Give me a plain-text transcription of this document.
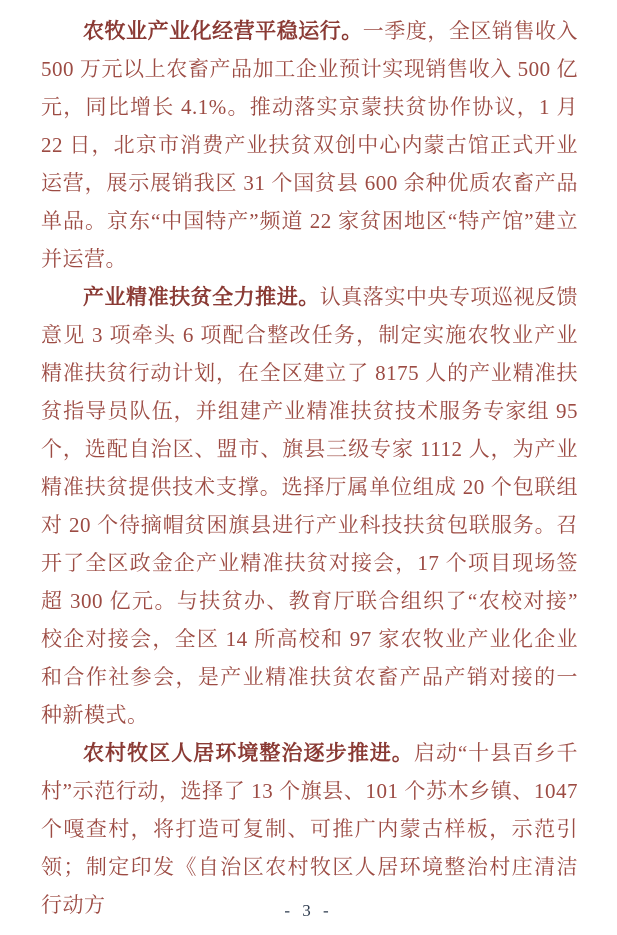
农牧业产业化经营平稳运行。一季度，全区销售收入 500 万元以上农畜产品加工企业预计实现销售收入 500 亿元，同比增长 4.1%。推动落实京蒙扶贫协作协议，1 月 22 日，北京市消费产业扶贫双创中心内蒙古馆正式开业运营，展示展销我区 31 个国贫县 600 余种优质农畜产品单品。京东“中国特产”频道 22 家贫困地区“特产馆”建立并运营。

产业精准扶贫全力推进。认真落实中央专项巡视反馈意见 3 项牵头 6 项配合整改任务，制定实施农牧业产业精准扶贫行动计划，在全区建立了 8175 人的产业精准扶贫指导员队伍，并组建产业精准扶贫技术服务专家组 95 个，选配自治区、盟市、旗县三级专家 1112 人，为产业精准扶贫提供技术支撑。选择厅属单位组成 20 个包联组对 20 个待摘帽贫困旗县进行产业科技扶贫包联服务。召开了全区政金企产业精准扶贫对接会，17 个项目现场签超 300 亿元。与扶贫办、教育厅联合组织了“农校对接”校企对接会，全区 14 所高校和 97 家农牧业产业化企业和合作社参会，是产业精准扶贫农畜产品产销对接的一种新模式。

农村牧区人居环境整治逐步推进。启动“十县百乡千村”示范行动，选择了 13 个旗县、101 个苏木乡镇、1047 个嘎查村，将打造可复制、可推广内蒙古样板，示范引领；制定印发《自治区农村牧区人居环境整治村庄清洁行动方	- 3 -
